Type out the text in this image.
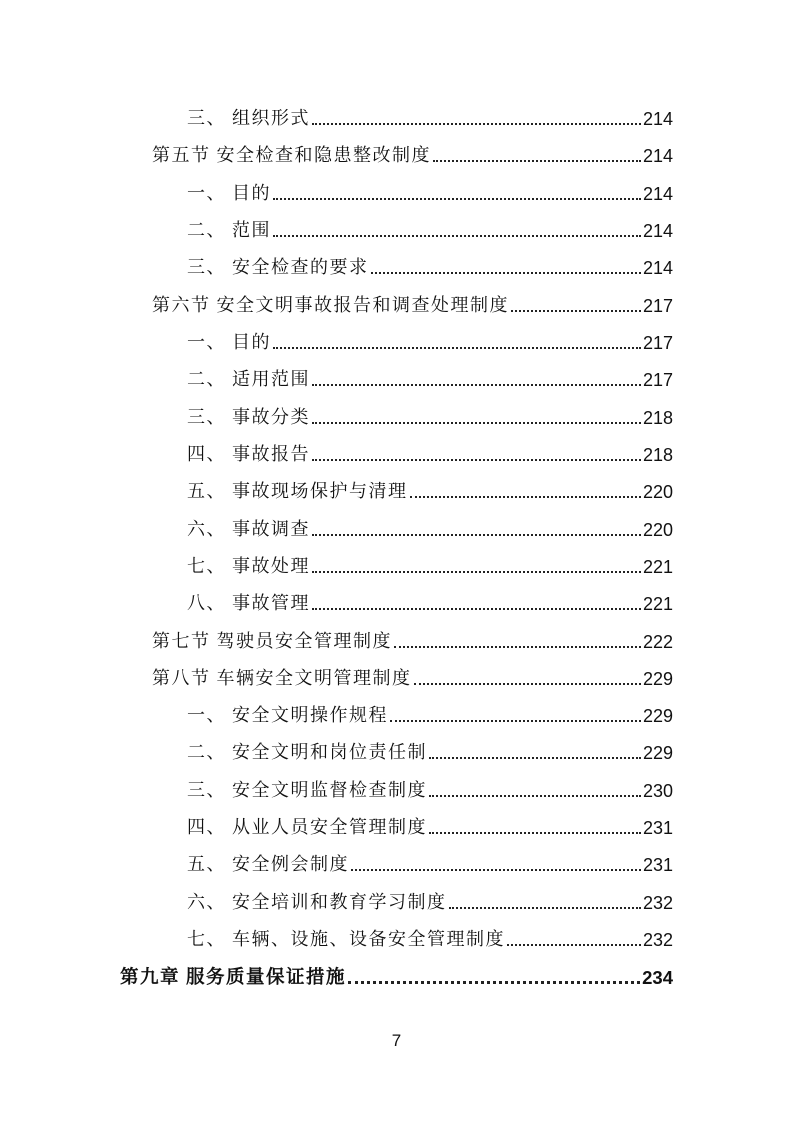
三、 组织形式	214
第五节 安全检查和隐患整改制度	214
一、 目的	214
二、 范围	214
三、 安全检查的要求	214
第六节 安全文明事故报告和调查处理制度	217
一、 目的	217
二、 适用范围	217
三、 事故分类	218
四、 事故报告	218
五、 事故现场保护与清理	220
六、 事故调查	220
七、 事故处理	221
八、 事故管理	221
第七节 驾驶员安全管理制度	222
第八节 车辆安全文明管理制度	229
一、 安全文明操作规程	229
二、 安全文明和岗位责任制	229
三、 安全文明监督检查制度	230
四、 从业人员安全管理制度	231
五、 安全例会制度	231
六、 安全培训和教育学习制度	232
七、 车辆、设施、设备安全管理制度	232
第九章 服务质量保证措施	234
7
